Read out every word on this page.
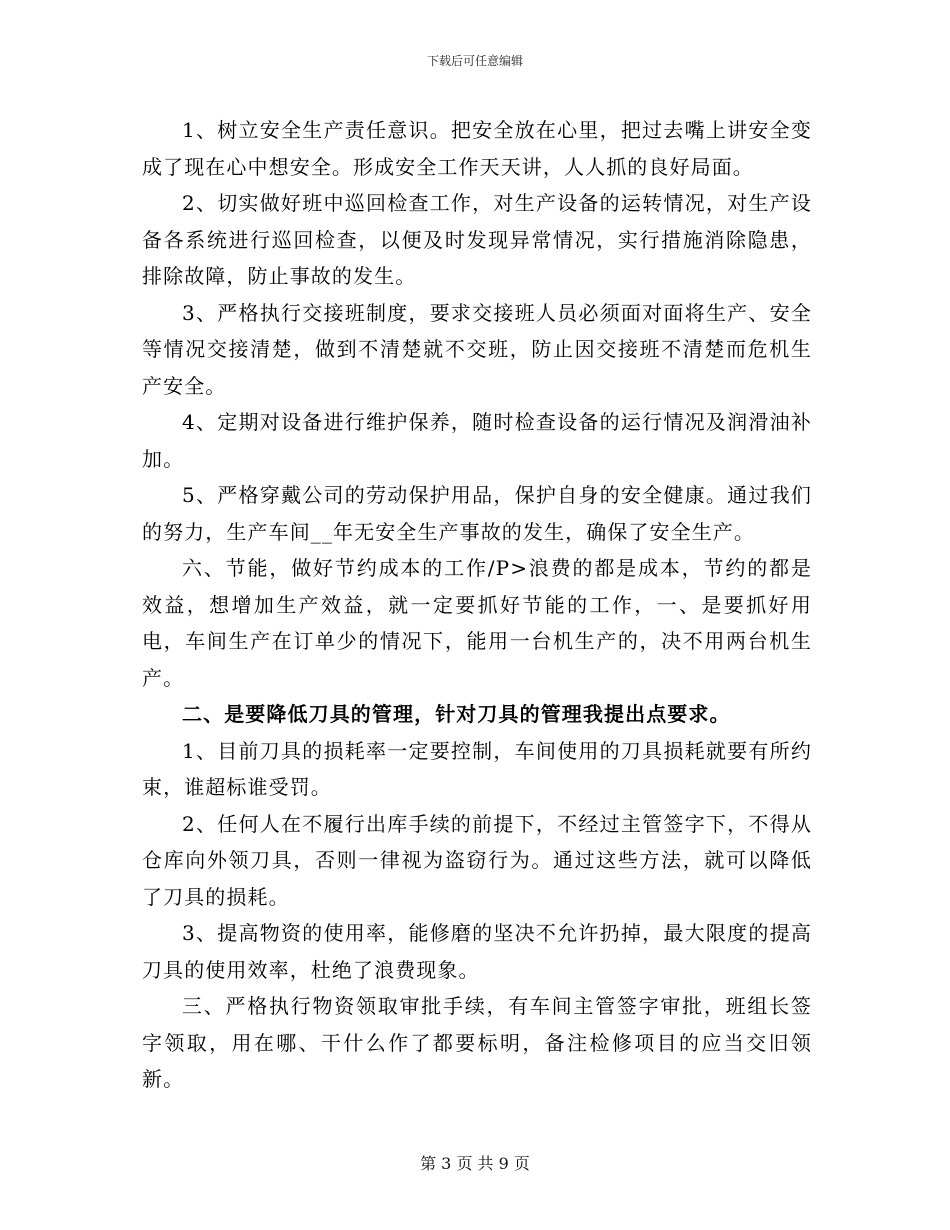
下载后可任意编辑

1、树立安全生产责任意识。把安全放在心里，把过去嘴上讲安全变成了现在心中想安全。形成安全工作天天讲，人人抓的良好局面。

2、切实做好班中巡回检查工作，对生产设备的运转情况，对生产设备各系统进行巡回检查，以便及时发现异常情况，实行措施消除隐患，排除故障，防止事故的发生。

3、严格执行交接班制度，要求交接班人员必须面对面将生产、安全等情况交接清楚，做到不清楚就不交班，防止因交接班不清楚而危机生产安全。

4、定期对设备进行维护保养，随时检查设备的运行情况及润滑油补加。

5、严格穿戴公司的劳动保护用品，保护自身的安全健康。通过我们的努力，生产车间__年无安全生产事故的发生，确保了安全生产。

六、节能，做好节约成本的工作/P>浪费的都是成本，节约的都是效益，想增加生产效益，就一定要抓好节能的工作，一、是要抓好用电，车间生产在订单少的情况下，能用一台机生产的，决不用两台机生产。

二、是要降低刀具的管理，针对刀具的管理我提出点要求。

1、目前刀具的损耗率一定要控制，车间使用的刀具损耗就要有所约束，谁超标谁受罚。

2、任何人在不履行出库手续的前提下，不经过主管签字下，不得从仓库向外领刀具，否则一律视为盗窃行为。通过这些方法，就可以降低了刀具的损耗。

3、提高物资的使用率，能修磨的坚决不允许扔掉，最大限度的提高刀具的使用效率，杜绝了浪费现象。

三、严格执行物资领取审批手续，有车间主管签字审批，班组长签字领取，用在哪、干什么作了都要标明，备注检修项目的应当交旧领新。

第 3 页 共 9 页
